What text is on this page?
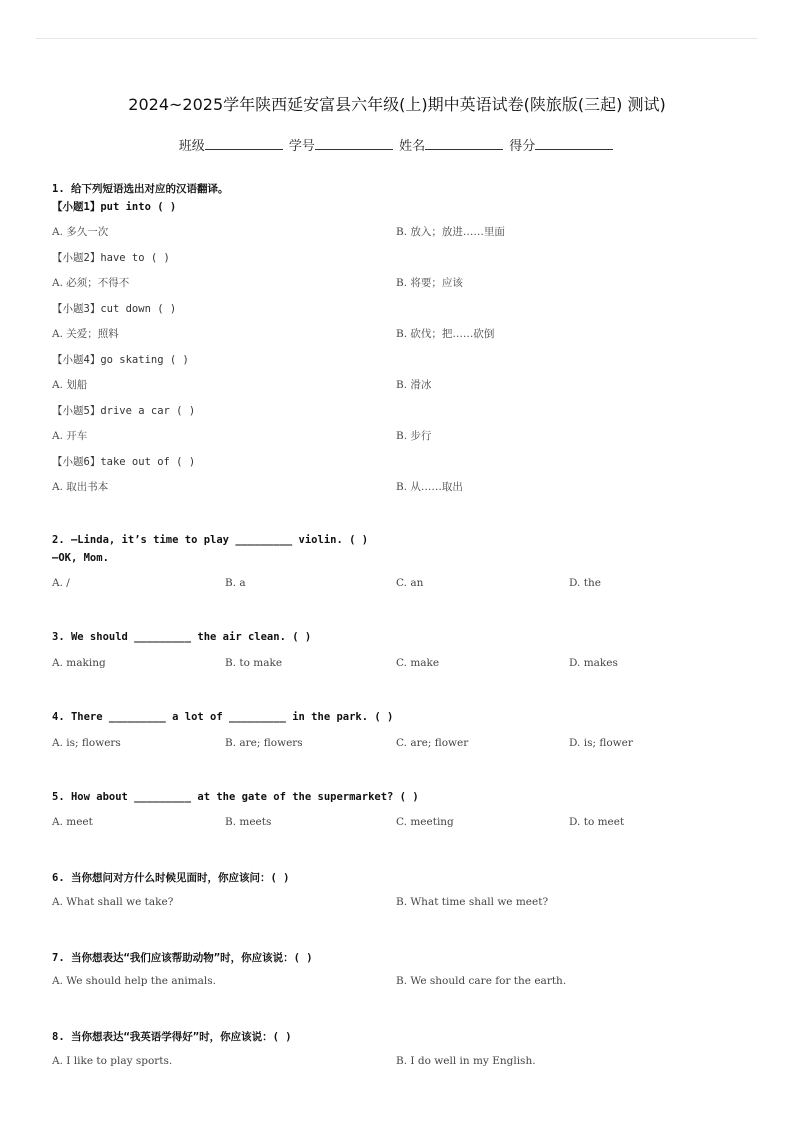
2024~2025学年陕西延安富县六年级(上)期中英语试卷(陕旅版(三起) 测试)
班级	学号	姓名	得分
1. 给下列短语选出对应的汉语翻译。
【小题1】put into ( )
A. 多久一次	B. 放入；放进……里面
【小题2】have to ( )
A. 必须；不得不	B. 将要；应该
【小题3】cut down ( )
A. 关爱；照料	B. 砍伐；把……砍倒
【小题4】go skating ( )
A. 划船	B. 滑冰
【小题5】drive a car ( )
A. 开车	B. 步行
【小题6】take out of ( )
A. 取出书本	B. 从……取出
2. —Linda, it’s time to play _________ violin. ( )
—OK, Mom.
A. /	B. a	C. an	D. the
3. We should _________ the air clean. ( )
A. making	B. to make	C. make	D. makes
4. There _________ a lot of _________ in the park. ( )
A. is; flowers	B. are; flowers	C. are; flower	D. is; flower
5. How about _________ at the gate of the supermarket? ( )
A. meet	B. meets	C. meeting	D. to meet
6. 当你想问对方什么时候见面时，你应该问：( )
A. What shall we take?	B. What time shall we meet?
7. 当你想表达“我们应该帮助动物”时，你应该说：( )
A. We should help the animals.	B. We should care for the earth.
8. 当你想表达“我英语学得好”时，你应该说：( )
A. I like to play sports.	B. I do well in my English.
